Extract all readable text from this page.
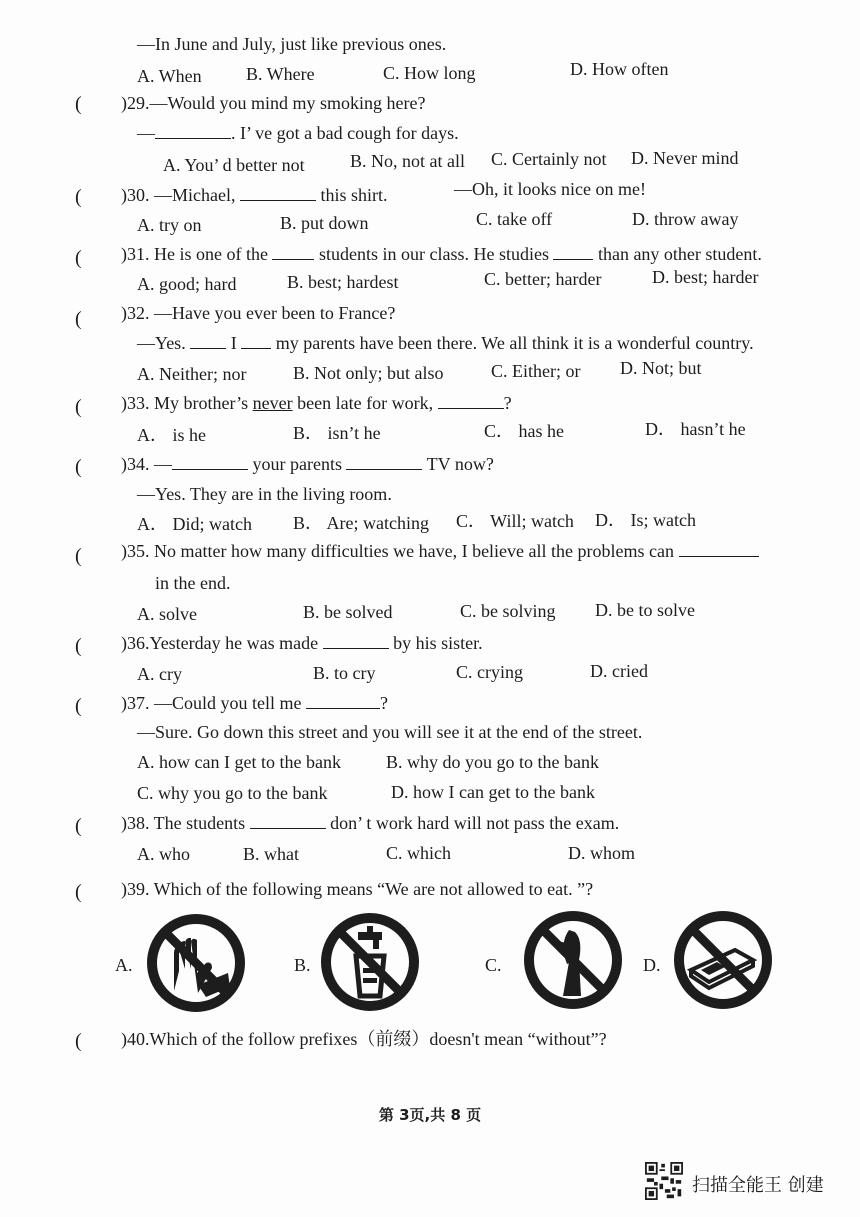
—In June and July, just like previous ones.
A. When B. Where	C. How long	D. How often
( )29.—Would you mind my smoking here?
—	. I’ ve got a bad cough for days.
A. You’ d better not	B. No, not at all C. Certainly not D. Never mind
( )30. —Michael,	this shirt.	—Oh, it looks nice on me!
A. try on	B. put down	C. take off	D. throw away
( )31. He is one of the	students in our class. He studies	than any other student.
A. good; hard	B. best; hardest	C. better; harder	D. best; harder
( )32. —Have you ever been to France?
—Yes.	I my parents have been there. We all think it is a wonderful country.
A. Neither; nor	B. Not only; but also	C. Either; or D. Not; but
( )33. My brother’s never been late for work,	?
A． is he	B． isn’t he	C． has he	D． hasn’t he
( )34. —	your parents	TV now?
—Yes. They are in the living room.
A． Did; watch B． Are; watching C． Will; watch D． Is; watch
( )35. No matter how many difficulties we have, I believe all the problems can
in the end.
A. solve	B. be solved	C. be solving D. be to solve
( )36.Yesterday he was made	by his sister.
A. cry	B. to cry	C. crying	D. cried
( )37. —Could you tell me	?
—Sure. Go down this street and you will see it at the end of the street.
A. how can I get to the bank	B. why do you go to the bank
C. why you go to the bank	D. how I can get to the bank
( )38. The students	don’ t work hard will not pass the exam.
A. who	B. what	C. which	D. whom
( )39. Which of the following means “We are not allowed to eat. ”?
A.	B.	C.	D.
( )40.Which of the follow prefixes（前缀）doesn't mean “without”?
第 3页,共 8 页
扫描全能王 创建
